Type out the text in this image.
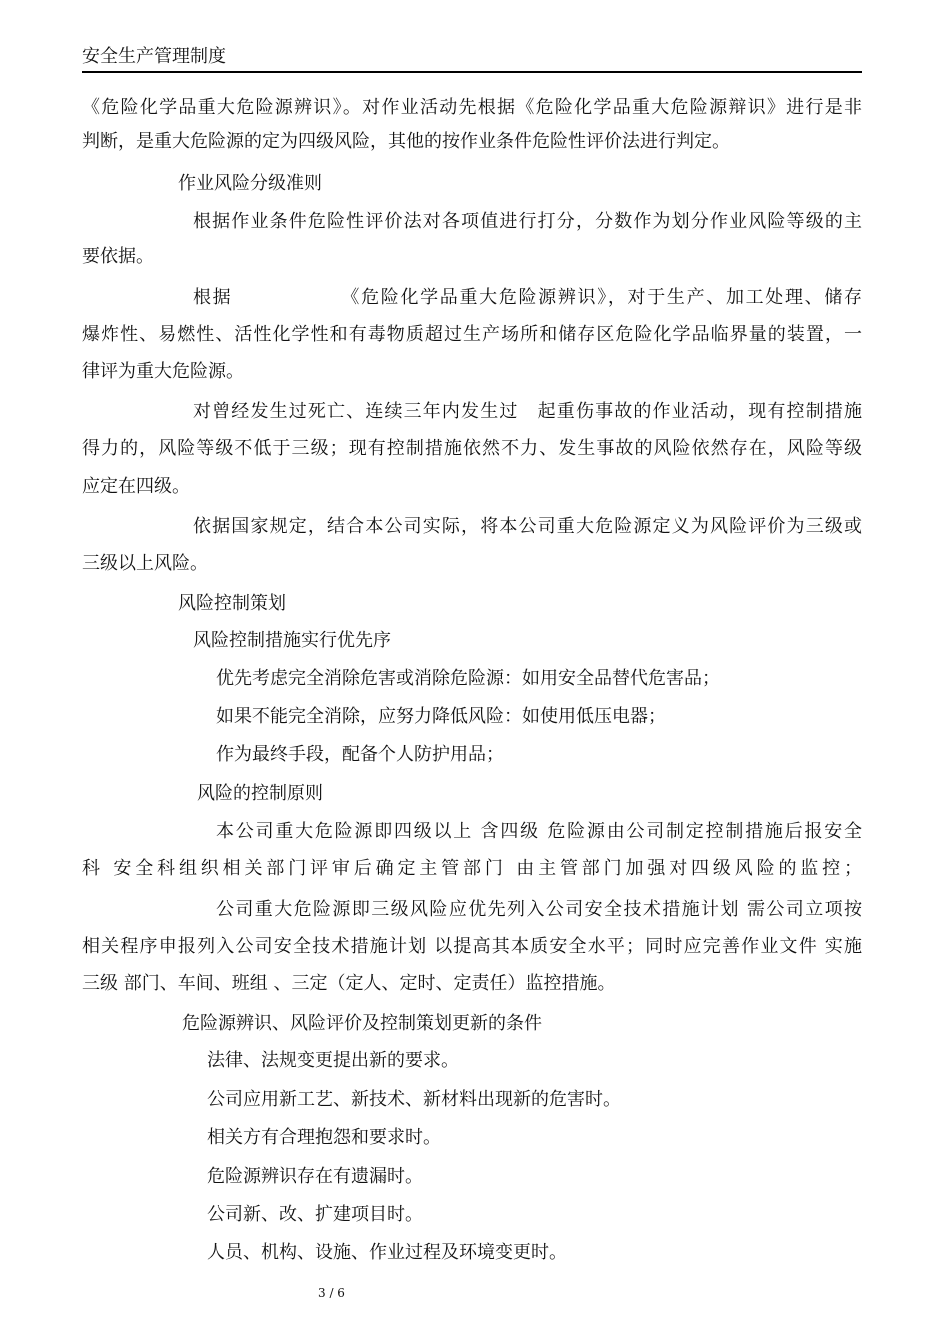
安全生产管理制度
《危险化学品重大危险源辨识》。对作业活动先根据《危险化学品重大危险源辩识》进行是非
判断，是重大危险源的定为四级风险，其他的按作业条件危险性评价法进行判定。
作业风险分级准则
根据作业条件危险性评价法对各项值进行打分，分数作为划分作业风险等级的主
要依据。
根据　　　　　　《危险化学品重大危险源辨识》，对于生产、加工处理、储存
爆炸性、易燃性、活性化学性和有毒物质超过生产场所和储存区危险化学品临界量的装置，一
律评为重大危险源。
对曾经发生过死亡、连续三年内发生过　起重伤事故的作业活动，现有控制措施
得力的，风险等级不低于三级；现有控制措施依然不力、发生事故的风险依然存在，风险等级
应定在四级。
依据国家规定，结合本公司实际，将本公司重大危险源定义为风险评价为三级或
三级以上风险。
风险控制策划
风险控制措施实行优先序
优先考虑完全消除危害或消除危险源：如用安全品替代危害品；
如果不能完全消除，应努力降低风险：如使用低压电器；
作为最终手段，配备个人防护用品；
风险的控制原则
本公司重大危险源即四级以上 含四级 危险源由公司制定控制措施后报安全
科 安全科组织相关部门评审后确定主管部门 由主管部门加强对四级风险的监控；
公司重大危险源即三级风险应优先列入公司安全技术措施计划 需公司立项按
相关程序申报列入公司安全技术措施计划 以提高其本质安全水平；同时应完善作业文件 实施
三级 部门、车间、班组 、三定（定人、定时、定责任）监控措施。
危险源辨识、风险评价及控制策划更新的条件
法律、法规变更提出新的要求。
公司应用新工艺、新技术、新材料出现新的危害时。
相关方有合理抱怨和要求时。
危险源辨识存在有遗漏时。
公司新、改、扩建项目时。
人员、机构、设施、作业过程及环境变更时。
3 / 6
